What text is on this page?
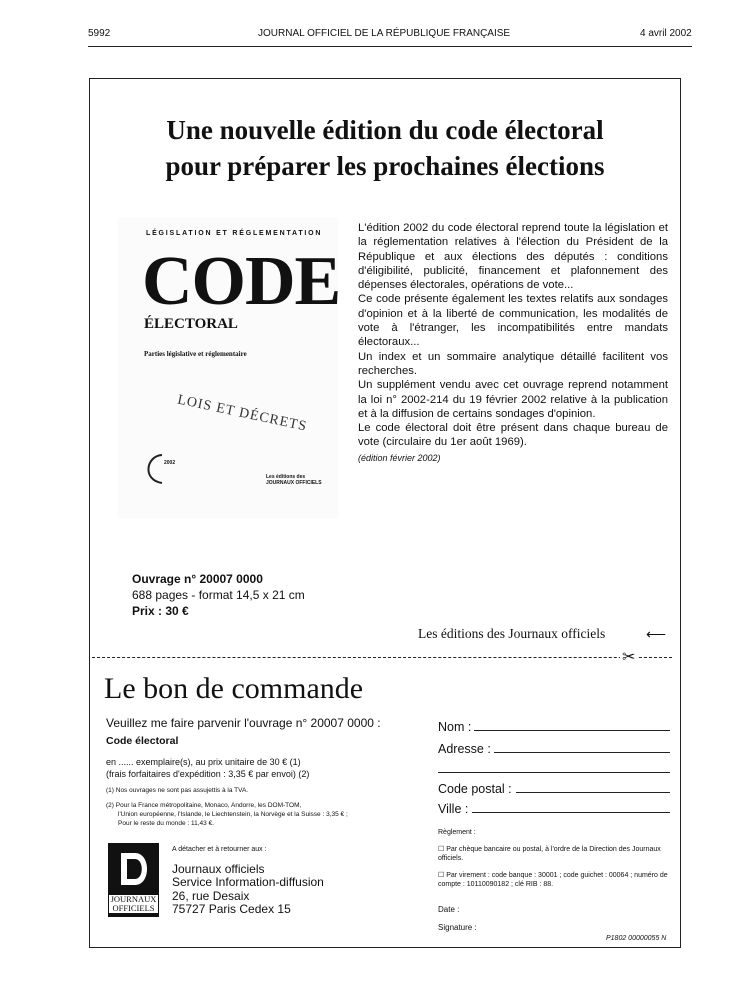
5992	JOURNAL OFFICIEL DE LA RÉPUBLIQUE FRANÇAISE	4 avril 2002
Une nouvelle édition du code électoral
pour préparer les prochaines élections
LÉGISLATION ET RÉGLEMENTATION
CODE
ÉLECTORAL
Parties législative et réglementaire
LOIS ET DÉCRETS
2002
Les éditions des
JOURNAUX OFFICIELS

L'édition 2002 du code électoral reprend toute la législation et la réglementation relatives à l'élection du Président de la République et aux élections des députés : conditions d'éligibilité, publicité, financement et plafonnement des dépenses électorales, opérations de vote...

Ce code présente également les textes relatifs aux sondages d'opinion et à la liberté de communication, les modalités de vote à l'étranger, les incompatibilités entre mandats électoraux...

Un index et un sommaire analytique détaillé facilitent vos recherches.

Un supplément vendu avec cet ouvrage reprend notamment la loi n° 2002-214 du 19 février 2002 relative à la publication et à la diffusion de certains sondages d'opinion.

Le code électoral doit être présent dans chaque bureau de vote (circulaire du 1er août 1969).

(édition février 2002)

Ouvrage n° 20007 0000
688 pages - format 14,5 x 21 cm
Prix : 30 €
Les éditions des Journaux officiels	⟵
✂
Le bon de commande
Veuillez me faire parvenir l'ouvrage n° 20007 0000 :
Code électoral
en ...... exemplaire(s), au prix unitaire de 30 € (1)
(frais forfaitaires d'expédition : 3,35 € par envoi) (2)
(1) Nos ouvrages ne sont pas assujettis à la TVA.
(2) Pour la France métropolitaine, Monaco, Andorre, les DOM-TOM,
l'Union européenne, l'Islande, le Liechtenstein, la Norvège et la Suisse : 3,35 € ;
Pour le reste du monde : 11,43 €.
JOURNAUX
OFFICIELS
A détacher et à retourner aux :
Journaux officiels
Service Information-diffusion
26, rue Desaix
75727 Paris Cedex 15
Nom :
Adresse :
Code postal :
Ville :
Règlement :
☐ Par chèque bancaire ou postal, à l'ordre de la Direction des Journaux officiels.
☐ Par virement : code banque : 30001 ; code guichet : 00064 ; numéro de compte : 10110090182 ; clé RIB : 88.
Date :
Signature :
P1802 00000055 N
